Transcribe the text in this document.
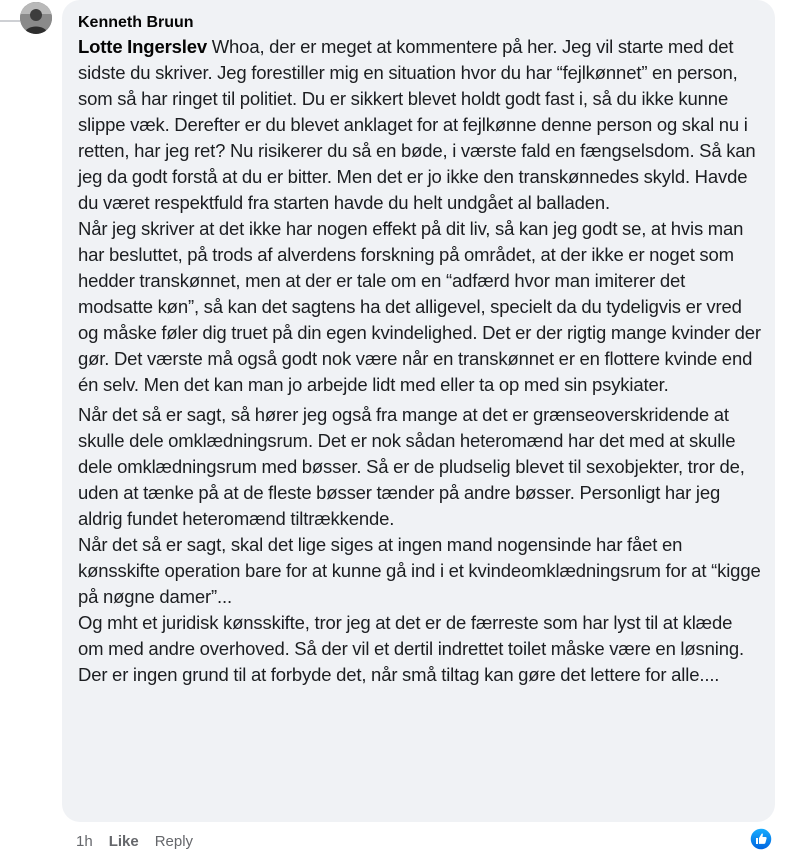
Kenneth Bruun

Lotte Ingerslev Whoa, der er meget at kommentere på her. Jeg vil starte med det sidste du skriver. Jeg forestiller mig en situation hvor du har “fejlkønnet” en person, som så har ringet til politiet. Du er sikkert blevet holdt godt fast i, så du ikke kunne slippe væk. Derefter er du blevet anklaget for at fejlkønne denne person og skal nu i retten, har jeg ret? Nu risikerer du så en bøde, i værste fald en fængselsdom. Så kan jeg da godt forstå at du er bitter. Men det er jo ikke den transkønnedes skyld. Havde du været respektfuld fra starten havde du helt undgået al balladen.

Når jeg skriver at det ikke har nogen effekt på dit liv, så kan jeg godt se, at hvis man har besluttet, på trods af alverdens forskning på området, at der ikke er noget som hedder transkønnet, men at der er tale om en “adfærd hvor man imiterer det modsatte køn”, så kan det sagtens ha det alligevel, specielt da du tydeligvis er vred og måske føler dig truet på din egen kvindelighed. Det er der rigtig mange kvinder der gør. Det værste må også godt nok være når en transkønnet er en flottere kvinde end én selv. Men det kan man jo arbejde lidt med eller ta op med sin psykiater.

Når det så er sagt, så hører jeg også fra mange at det er grænseoverskridende at skulle dele omklædningsrum. Det er nok sådan heteromænd har det med at skulle dele omklædningsrum med bøsser. Så er de pludselig blevet til sexobjekter, tror de, uden at tænke på at de fleste bøsser tænder på andre bøsser. Personligt har jeg aldrig fundet heteromænd tiltrækkende.

Når det så er sagt, skal det lige siges at ingen mand nogensinde har fået en kønsskifte operation bare for at kunne gå ind i et kvindeomklædningsrum for at “kigge på nøgne damer”...

Og mht et juridisk kønsskifte, tror jeg at det er de færreste som har lyst til at klæde om med andre overhoved. Så der vil et dertil indrettet toilet måske være en løsning. Der er ingen grund til at forbyde det, når små tiltag kan gøre det lettere for alle....

1h Like Reply
